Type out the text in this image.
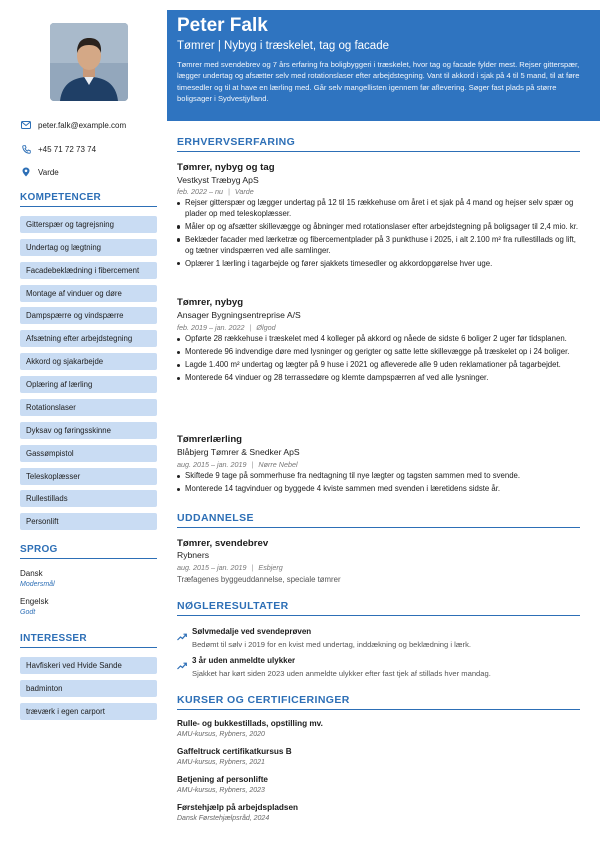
peter.falk@example.com
+45 71 72 73 74
Varde
KOMPETENCER
Gitterspær og tagrejsning
Undertag og lægtning
Facadebeklædning i fibercement
Montage af vinduer og døre
Dampspærre og vindspærre
Afsætning efter arbejdstegning
Akkord og sjakarbejde
Oplæring af lærling
Rotationslaser
Dyksav og føringsskinne
Gassømpistol
Teleskoplæsser
Rullestillads
Personlift
SPROG
Dansk
Modersmål
Engelsk
Godt
INTERESSER
Havfiskeri ved Hvide Sande
badminton
træværk i egen carport
Peter Falk
Tømrer | Nybyg i træskelet, tag og facade
Tømrer med svendebrev og 7 års erfaring fra boligbyggeri i træskelet, hvor tag og facade fylder mest. Rejser gitterspær, lægger undertag og afsætter selv med rotationslaser efter arbejdstegning. Vant til akkord i sjak på 4 til 5 mand, til at føre timesedler og til at have en lærling med. Går selv mangellisten igennem før aflevering. Søger fast plads på større boligsager i Sydvestjylland.
ERHVERVSERFARING
Tømrer, nybyg og tag
Vestkyst Træbyg ApS
feb. 2022 – nu | Varde
Rejser gitterspær og lægger undertag på 12 til 15 rækkehuse om året i et sjak på 4 mand og hejser selv spær og plader op med teleskoplæsser.
Måler op og afsætter skillevægge og åbninger med rotationslaser efter arbejdstegning på boligsager til 2,4 mio. kr.
Beklæder facader med lærketræ og fibercementplader på 3 punkthuse i 2025, i alt 2.100 m² fra rullestillads og lift, og tætner vindspærren ved alle samlinger.
Oplærer 1 lærling i tagarbejde og fører sjakkets timesedler og akkordopgørelse hver uge.
Tømrer, nybyg
Ansager Bygningsentreprise A/S
feb. 2019 – jan. 2022 | Ølgod
Opførte 28 rækkehuse i træskelet med 4 kolleger på akkord og nåede de sidste 6 boliger 2 uger før tidsplanen.
Monterede 96 indvendige døre med lysninger og gerigter og satte lette skillevægge på træskelet op i 24 boliger.
Lagde 1.400 m² undertag og lægter på 9 huse i 2021 og afleverede alle 9 uden reklamationer på tagarbejdet.
Monterede 64 vinduer og 28 terrassedøre og klemte dampspærren af ved alle lysninger.
Tømrerlærling
Blåbjerg Tømrer & Snedker ApS
aug. 2015 – jan. 2019 | Nørre Nebel
Skiftede 9 tage på sommerhuse fra nedtagning til nye lægter og tagsten sammen med to svende.
Monterede 14 tagvinduer og byggede 4 kviste sammen med svenden i læretidens sidste år.
UDDANNELSE
Tømrer, svendebrev
Rybners
aug. 2015 – jan. 2019 | Esbjerg
Træfagenes byggeuddannelse, speciale tømrer
NØGLERESULTATER
Sølvmedalje ved svendeprøven
Bedømt til sølv i 2019 for en kvist med undertag, inddækning og beklædning i lærk.
3 år uden anmeldte ulykker
Sjakket har kørt siden 2023 uden anmeldte ulykker efter fast tjek af stillads hver mandag.
KURSER OG CERTIFICERINGER
Rulle- og bukkestillads, opstilling mv.
AMU-kursus, Rybners, 2020
Gaffeltruck certifikatkursus B
AMU-kursus, Rybners, 2021
Betjening af personlifte
AMU-kursus, Rybners, 2023
Førstehjælp på arbejdspladsen
Dansk Førstehjælpsråd, 2024
